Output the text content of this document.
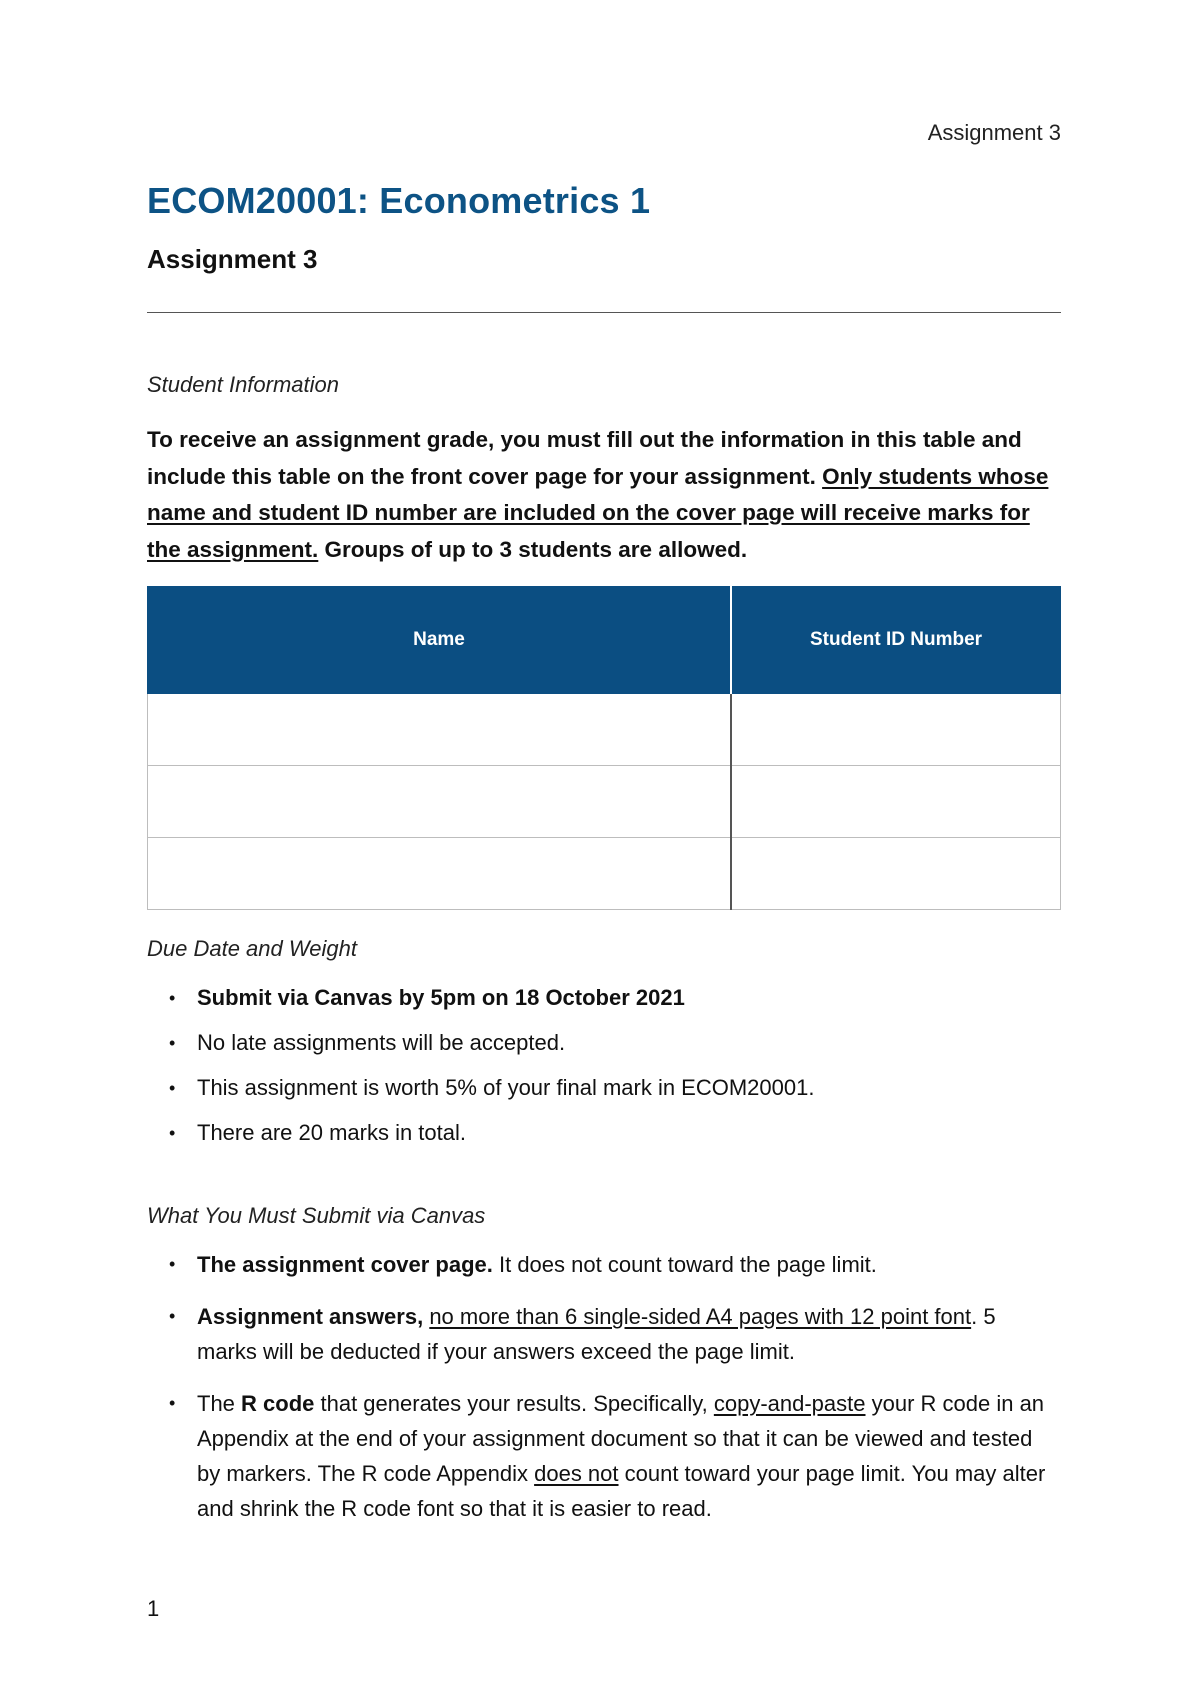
Assignment 3
ECOM20001: Econometrics 1
Assignment 3
Student Information

To receive an assignment grade, you must fill out the information in this table and include this table on the front cover page for your assignment. Only students whose name and student ID number are included on the cover page will receive marks for the assignment. Groups of up to 3 students are allowed.

Name	Student ID Number

Due Date and Weight
• Submit via Canvas by 5pm on 18 October 2021
• No late assignments will be accepted.
• This assignment is worth 5% of your final mark in ECOM20001.
• There are 20 marks in total.
What You Must Submit via Canvas
• The assignment cover page. It does not count toward the page limit.
• Assignment answers, no more than 6 single-sided A4 pages with 12 point font. 5 marks will be deducted if your answers exceed the page limit.
• The R code that generates your results. Specifically, copy-and-paste your R code in an Appendix at the end of your assignment document so that it can be viewed and tested by markers. The R code Appendix does not count toward your page limit. You may alter and shrink the R code font so that it is easier to read.
1
